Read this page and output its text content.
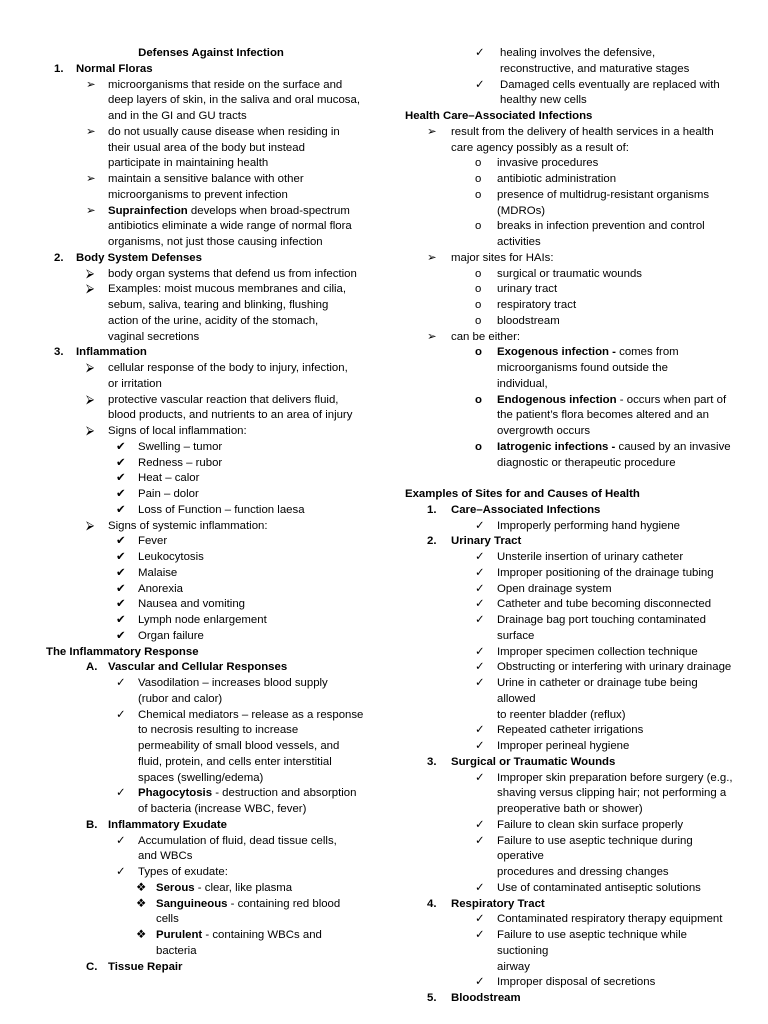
Defenses Against Infection
1. Normal Floras
➢ microorganisms that reside on the surface and
deep layers of skin, in the saliva and oral mucosa,
and in the GI and GU tracts
➢ do not usually cause disease when residing in
their usual area of the body but instead
participate in maintaining health
➢ maintain a sensitive balance with other
microorganisms to prevent infection
➢ Suprainfection develops when broad-spectrum
antibiotics eliminate a wide range of normal flora
organisms, not just those causing infection
2. Body System Defenses
⮚ body organ systems that defend us from infection
⮚ Examples: moist mucous membranes and cilia,
sebum, saliva, tearing and blinking, flushing
action of the urine, acidity of the stomach,
vaginal secretions
3. Inflammation
⮚ cellular response of the body to injury, infection,
or irritation
⮚ protective vascular reaction that delivers fluid,
blood products, and nutrients to an area of injury
⮚ Signs of local inflammation:
✔ Swelling – tumor
✔ Redness – rubor
✔ Heat – calor
✔ Pain – dolor
✔ Loss of Function – function laesa
⮚ Signs of systemic inflammation:
✔ Fever
✔ Leukocytosis
✔ Malaise
✔ Anorexia
✔ Nausea and vomiting
✔ Lymph node enlargement
✔ Organ failure
The Inflammatory Response
A. Vascular and Cellular Responses
✓ Vasodilation – increases blood supply
(rubor and calor)
✓ Chemical mediators – release as a response
to necrosis resulting to increase
permeability of small blood vessels, and
fluid, protein, and cells enter interstitial
spaces (swelling/edema)
✓ Phagocytosis - destruction and absorption
of bacteria (increase WBC, fever)
B. Inflammatory Exudate
✓ Accumulation of fluid, dead tissue cells,
and WBCs
✓ Types of exudate:
❖ Serous - clear, like plasma
❖ Sanguineous - containing red blood
cells
❖ Purulent - containing WBCs and
bacteria
C. Tissue Repair
✓ healing involves the defensive,
reconstructive, and maturative stages
✓ Damaged cells eventually are replaced with
healthy new cells
Health Care–Associated Infections
➢ result from the delivery of health services in a health
care agency possibly as a result of:
o invasive procedures
o antibiotic administration
o presence of multidrug-resistant organisms
(MDROs)
o breaks in infection prevention and control
activities
➢ major sites for HAIs:
o surgical or traumatic wounds
o urinary tract
o respiratory tract
o bloodstream
➢ can be either:
o Exogenous infection - comes from
microorganisms found outside the
individual,
o Endogenous infection - occurs when part of
the patient’s flora becomes altered and an
overgrowth occurs
o Iatrogenic infections - caused by an invasive
diagnostic or therapeutic procedure
Examples of Sites for and Causes of Health
1. Care–Associated Infections
✓ Improperly performing hand hygiene
2. Urinary Tract
✓ Unsterile insertion of urinary catheter
✓ Improper positioning of the drainage tubing
✓ Open drainage system
✓ Catheter and tube becoming disconnected
✓ Drainage bag port touching contaminated
surface
✓ Improper specimen collection technique
✓ Obstructing or interfering with urinary drainage
✓ Urine in catheter or drainage tube being allowed
to reenter bladder (reflux)
✓ Repeated catheter irrigations
✓ Improper perineal hygiene
3. Surgical or Traumatic Wounds
✓ Improper skin preparation before surgery (e.g.,
shaving versus clipping hair; not performing a
preoperative bath or shower)
✓ Failure to clean skin surface properly
✓ Failure to use aseptic technique during operative
procedures and dressing changes
✓ Use of contaminated antiseptic solutions
4. Respiratory Tract
✓ Contaminated respiratory therapy equipment
✓ Failure to use aseptic technique while suctioning
airway
✓ Improper disposal of secretions
5. Bloodstream
